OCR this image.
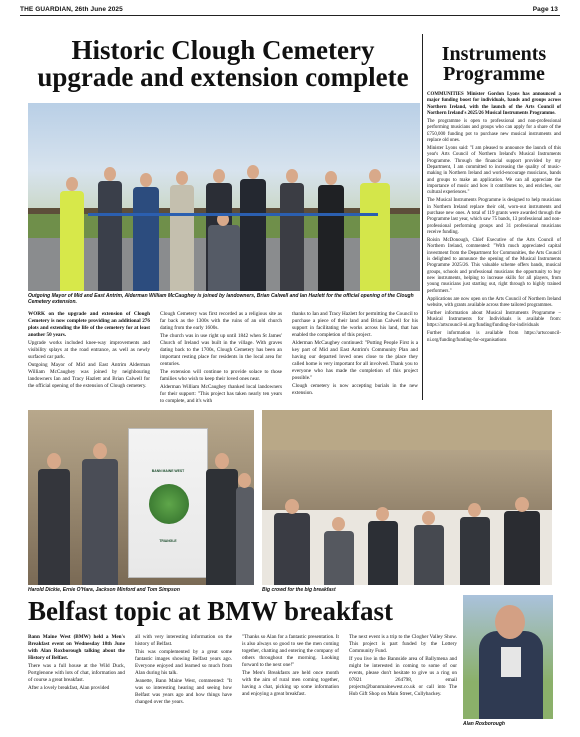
THE GUARDIAN, 26th June 2025	Page 13
Historic Clough Cemetery
upgrade and extension complete
Outgoing Mayor of Mid and East Antrim, Alderman William McCaughey is joined by landowners, Brian Calwell and Ian Hazlett for the official opening of the Clough Cemetery extension.

WORK on the upgrade and extension of Clough Cemetery is now complete providing an additional 276 plots and extending the life of the cemetery for at least another 50 years.

Upgrade works included knee-way improvements and visibility splays at the road entrance, as well as newly surfaced car park.

Outgoing Mayor of Mid and East Antrim Alderman William McCaughey was joined by neighbouring landowners Ian and Tracy Hazlett and Brian Calwell for the official opening of the extension of Clough cemetery.

Clough Cemetery was first recorded as a religious site as far back as the 1300s with the ruins of an old church dating from the early 1600s.

The church was in use right up until 1842 when St James' Church of Ireland was built in the village. With graves dating back to the 1700s, Clough Cemetery has been an important resting place for residents in the local area for centuries.

The extension will continue to provide solace to those families who wish to keep their loved ones near.

Alderman William McCaughey thanked local landowners for their support: "This project has taken nearly ten years to complete, and it's with

thanks to Ian and Tracy Hazlett for permitting the Council to purchase a piece of their land and Brian Calwell for his support in facilitating the works across his land, that has enabled the completion of this project.

Alderman McCaughey continued: "Putting People First is a key part of Mid and East Antrim's Community Plan and having our departed loved ones close to the place they called home is very important for all involved. Thank you to everyone who has made the completion of this project possible."

Clough cemetery is now accepting burials in the new extension.

Instruments
Programme

COMMUNITIES Minister Gordon Lyons has announced a major funding boost for individuals, bands and groups across Northern Ireland, with the launch of the Arts Council of Northern Ireland's 2025/26 Musical Instruments Programme.

The programme is open to professional and non-professional performing musicians and groups who can apply for a share of the £750,000 funding pot to purchase new musical instruments and replace old ones.

Minister Lyons said: "I am pleased to announce the launch of this year's Arts Council of Northern Ireland's Musical Instruments Programme. Through the financial support provided by my Department, I am committed to increasing the quality of music-making in Northern Ireland and world-encourage musicians, bands and groups to make an application. We can all appreciate the importance of music and how it contributes to, and enriches, our cultural experiences."

The Musical Instruments Programme is designed to help musicians in Northern Ireland replace their old, worn-out instruments and purchase new ones. A total of 119 grants were awarded through the Programme last year, which saw 75 bands, 13 professional and non-professional performing groups and 31 professional musicians receive funding.

Roisin McDonough, Chief Executive of the Arts Council of Northern Ireland, commented: "With much appreciated capital investment from the Department for Communities, the Arts Council is delighted to announce the opening of the Musical Instruments Programme 2025/26. This valuable scheme offers bands, musical groups, schools and professional musicians the opportunity to buy new instruments, helping to increase skills for all players, from young musicians just starting out, right through to highly trained performers."

Applications are now open on the Arts Council of Northern Ireland website, with grants available across three tailored programmes.

Further information about Musical Instruments Programme – Musical Instruments for Individuals is available from: https://artscouncil-ni.org/funding/funding-for-individuals

Further information is available from https://artscouncil-ni.org/funding/funding-for-organisations

BANN MAINE WEST
TRIANGLE
Harold Dickie, Ernie O'Hara, Jackson Minford and Tom Simpson	Big crowd for the big breakfast
Belfast topic at BMW breakfast

Bann Maine West (BMW) held a Men's Breakfast event on Wednesday 18th June with Alan Roxborough talking about the History of Belfast.

There was a full house at the Wild Duck, Portglenone with lots of chat, information and of course a great breakfast.

After a lovely breakfast, Alan provided

all with very interesting information on the history of Belfast.

This was complemented by a great some fantastic images showing Belfast years ago. Everyone enjoyed and learned so much from Alan during his talk.

Jeanette, Bann Maine West, commented: "It was so interesting hearing and seeing how Belfast was years ago and how things have changed over the years.

"Thanks so Alan for a fantastic presentation. It is also always so good to see the men coming together, chatting and entering the company of others throughout the morning. Looking forward to the next one!"

The Men's Breakfasts are held once month with the aim of rural men coming together, having a chat, picking up some information and enjoying a great breakfast.

The next event is a trip to the Clogher Valley Show. This project is part funded by the Lottery Community Fund.

If you live in the Bannside area of Ballymena and might be interested in coming to some of our events, please don't hesitate to give us a ring on 07821 264798, email projects@bannmainewest.co.uk or call into The Hub Gift Shop on Main Street, Cullybackey.

Alan Roxborough
